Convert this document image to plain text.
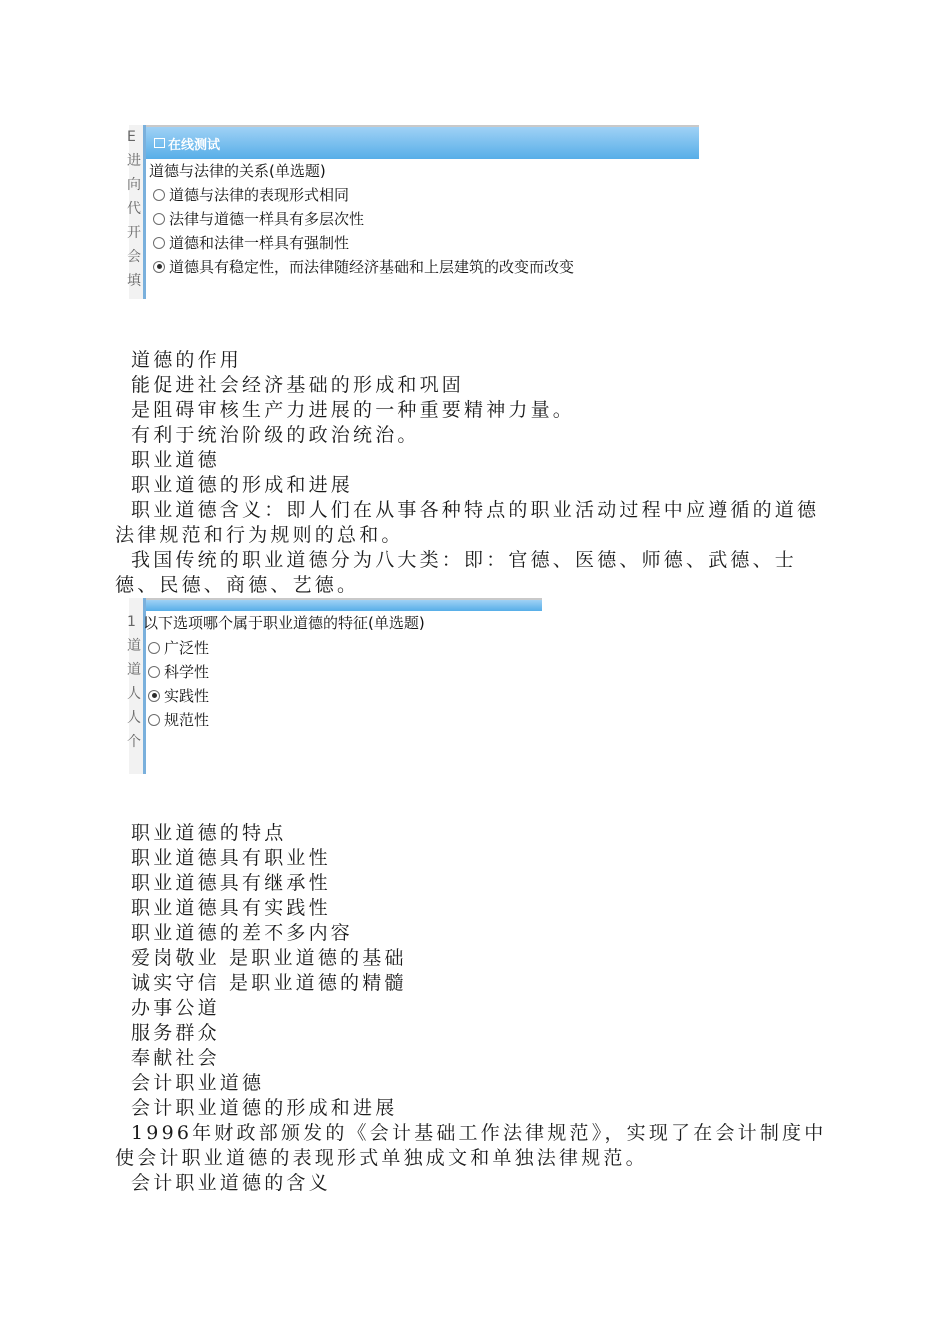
E
进
向
代
开
会
填
在线测试
道德与法律的关系(单选题)
道德与法律的表现形式相同
法律与道德一样具有多层次性
道德和法律一样具有强制性
道德具有稳定性，而法律随经济基础和上层建筑的改变而改变
道德的作用
能促进社会经济基础的形成和巩固
是阻碍审核生产力进展的一种重要精神力量。
有利于统治阶级的政治统治。
职业道德
职业道德的形成和进展
职业道德含义：即人们在从事各种特点的职业活动过程中应遵循的道德法律规范和行为规则的总和。
我国传统的职业道德分为八大类：即：官德、医德、师德、武德、士德、民德、商德、艺德。
1
道
道
人
人
个
以下选项哪个属于职业道德的特征(单选题)
广泛性
科学性
实践性
规范性
职业道德的特点
职业道德具有职业性
职业道德具有继承性
职业道德具有实践性
职业道德的差不多内容
爱岗敬业 是职业道德的基础
诚实守信 是职业道德的精髓
办事公道
服务群众
奉献社会
会计职业道德
会计职业道德的形成和进展
1996年财政部颁发的《会计基础工作法律规范》，实现了在会计制度中使会计职业道德的表现形式单独成文和单独法律规范。
会计职业道德的含义
